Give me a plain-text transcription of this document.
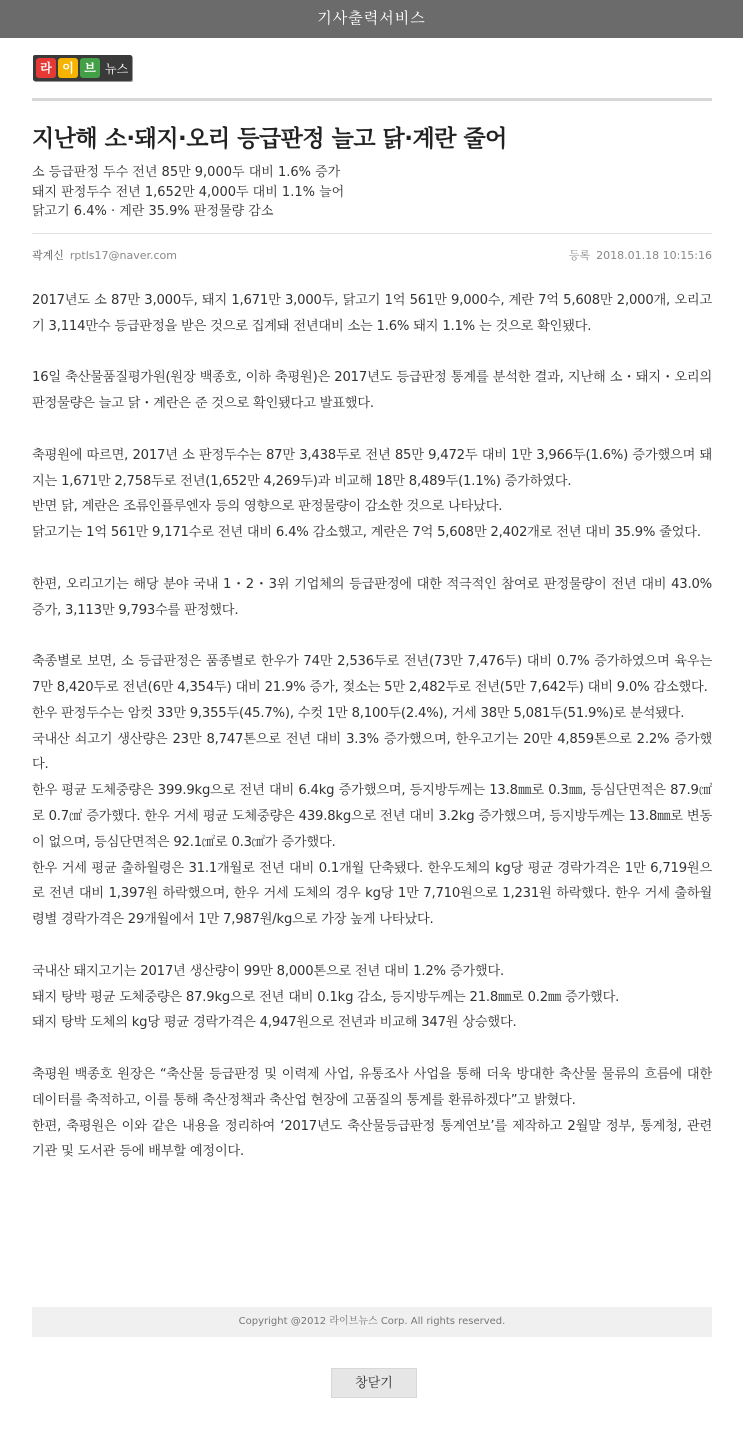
기사출력서비스
라 이 브 뉴스
지난해 소·돼지·오리 등급판정 늘고 닭·계란 줄어
소 등급판정 두수 전년 85만 9,000두 대비 1.6% 증가
돼지 판정두수 전년 1,652만 4,000두 대비 1.1% 늘어
닭고기 6.4% · 계란 35.9% 판정물량 감소
곽계신 rptls17@naver.com	등록 2018.01.18 10:15:16

2017년도 소 87만 3,000두, 돼지 1,671만 3,000두, 닭고기 1억 561만 9,000수, 계란 7억 5,608만 2,000개, 오리고기 3,114만수 등급판정을 받은 것으로 집계돼 전년대비 소는 1.6% 돼지 1.1% 는 것으로 확인됐다.

16일 축산물품질평가원(원장 백종호, 이하 축평원)은 2017년도 등급판정 통계를 분석한 결과, 지난해 소・돼지・오리의 판정물량은 늘고 닭・계란은 준 것으로 확인됐다고 발표했다.

축평원에 따르면, 2017년 소 판정두수는 87만 3,438두로 전년 85만 9,472두 대비 1만 3,966두(1.6%) 증가했으며 돼지는 1,671만 2,758두로 전년(1,652만 4,269두)과 비교해 18만 8,489두(1.1%) 증가하였다.

반면 닭, 계란은 조류인플루엔자 등의 영향으로 판정물량이 감소한 것으로 나타났다.

닭고기는 1억 561만 9,171수로 전년 대비 6.4% 감소했고, 계란은 7억 5,608만 2,402개로 전년 대비 35.9% 줄었다.

한편, 오리고기는 해당 분야 국내 1・2・3위 기업체의 등급판정에 대한 적극적인 참여로 판정물량이 전년 대비 43.0% 증가, 3,113만 9,793수를 판정했다.

축종별로 보면, 소 등급판정은 품종별로 한우가 74만 2,536두로 전년(73만 7,476두) 대비 0.7% 증가하였으며 육우는 7만 8,420두로 전년(6만 4,354두) 대비 21.9% 증가, 젖소는 5만 2,482두로 전년(5만 7,642두) 대비 9.0% 감소했다.

한우 판정두수는 암컷 33만 9,355두(45.7%), 수컷 1만 8,100두(2.4%), 거세 38만 5,081두(51.9%)로 분석됐다.

국내산 쇠고기 생산량은 23만 8,747톤으로 전년 대비 3.3% 증가했으며, 한우고기는 20만 4,859톤으로 2.2% 증가했다.

한우 평균 도체중량은 399.9kg으로 전년 대비 6.4kg 증가했으며, 등지방두께는 13.8㎜로 0.3㎜, 등심단면적은 87.9㎠로 0.7㎠ 증가했다. 한우 거세 평균 도체중량은 439.8kg으로 전년 대비 3.2kg 증가했으며, 등지방두께는 13.8㎜로 변동이 없으며, 등심단면적은 92.1㎠로 0.3㎠가 증가했다.

한우 거세 평균 출하월령은 31.1개월로 전년 대비 0.1개월 단축됐다. 한우도체의 kg당 평균 경락가격은 1만 6,719원으로 전년 대비 1,397원 하락했으며, 한우 거세 도체의 경우 kg당 1만 7,710원으로 1,231원 하락했다. 한우 거세 출하월령별 경락가격은 29개월에서 1만 7,987원/kg으로 가장 높게 나타났다.

국내산 돼지고기는 2017년 생산량이 99만 8,000톤으로 전년 대비 1.2% 증가했다.

돼지 탕박 평균 도체중량은 87.9kg으로 전년 대비 0.1kg 감소, 등지방두께는 21.8㎜로 0.2㎜ 증가했다.

돼지 탕박 도체의 kg당 평균 경락가격은 4,947원으로 전년과 비교해 347원 상승했다.

축평원 백종호 원장은 “축산물 등급판정 및 이력제 사업, 유통조사 사업을 통해 더욱 방대한 축산물 물류의 흐름에 대한 데이터를 축적하고, 이를 통해 축산정책과 축산업 현장에 고품질의 통계를 환류하겠다”고 밝혔다.

한편, 축평원은 이와 같은 내용을 정리하여 ‘2017년도 축산물등급판정 통계연보’를 제작하고 2월말 정부, 통계청, 관련 기관 및 도서관 등에 배부할 예정이다.

Copyright @2012 라이브뉴스 Corp. All rights reserved.
창닫기
